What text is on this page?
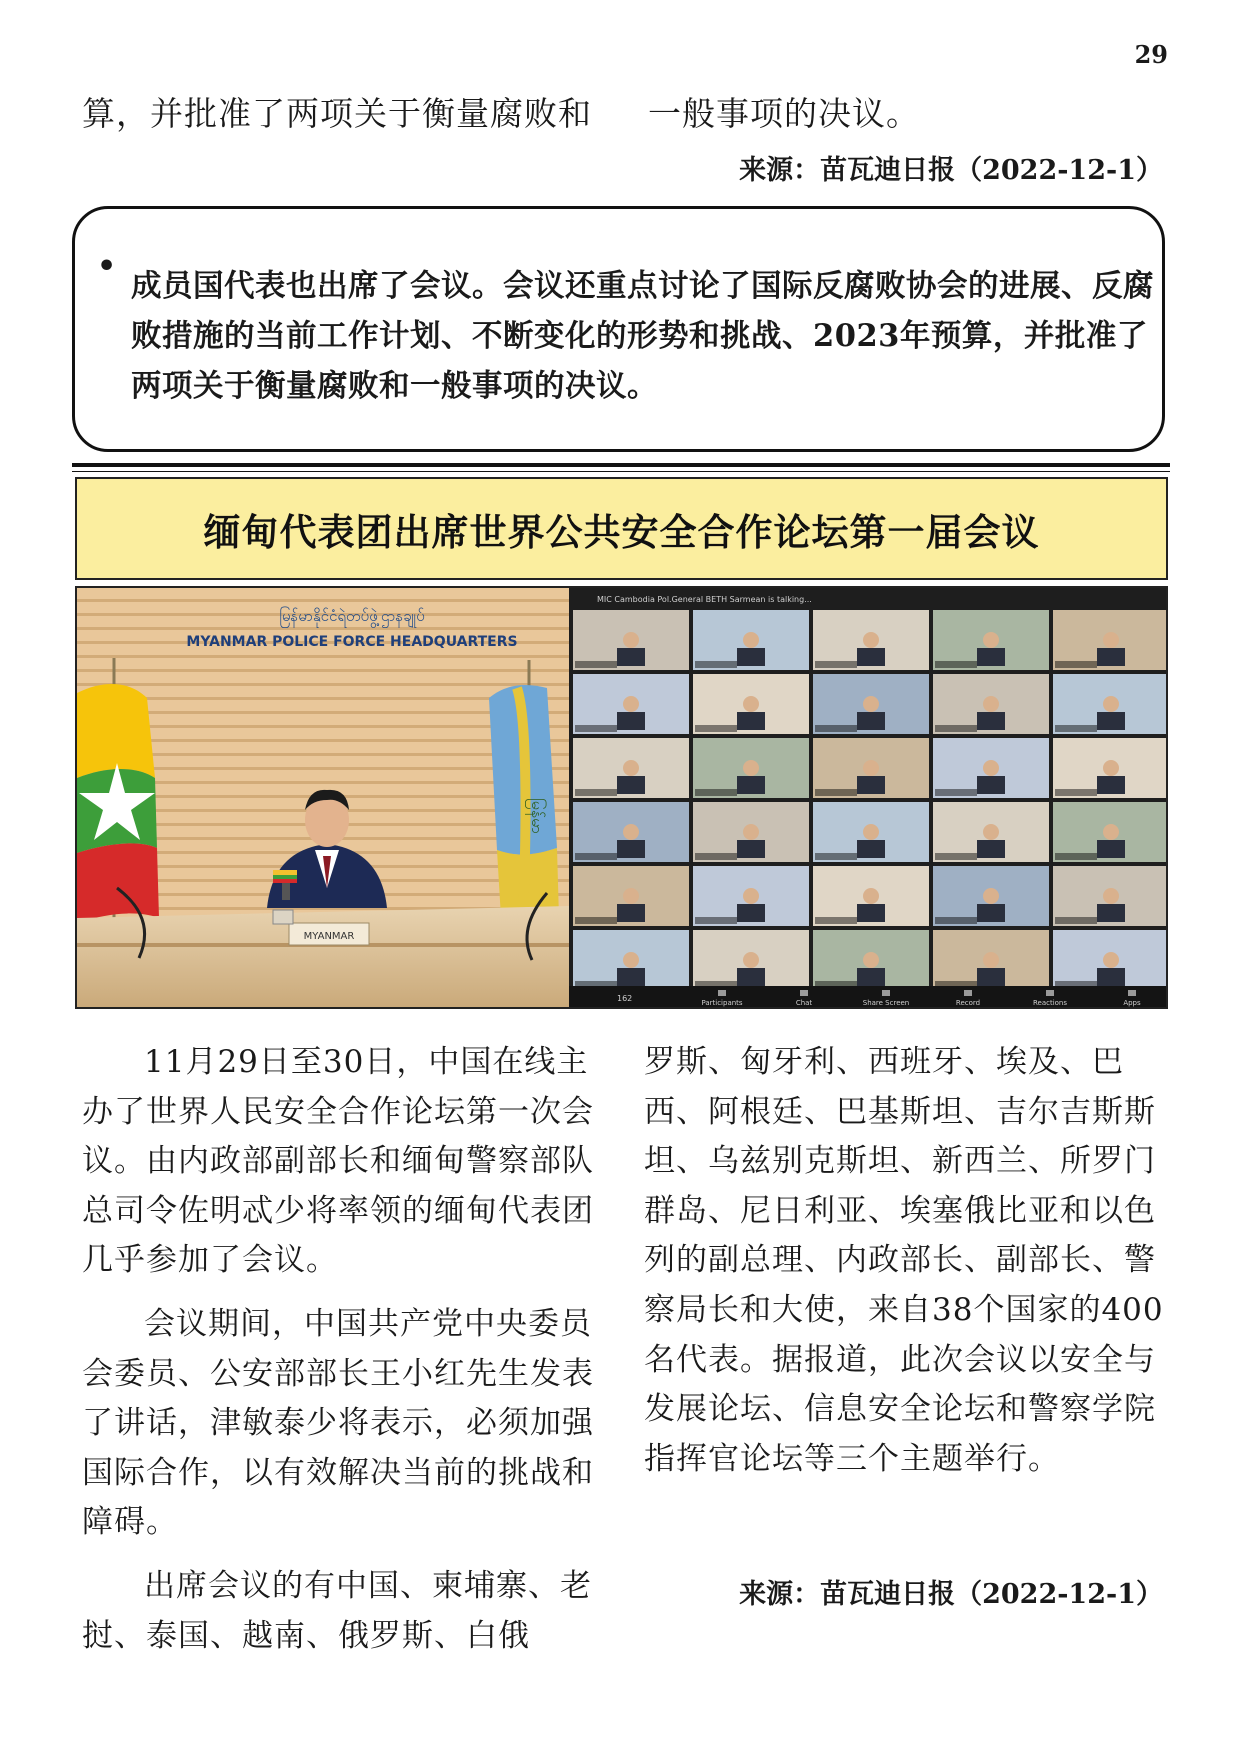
29
算，并批准了两项关于衡量腐败和 一般事项的决议。
来源：苗瓦迪日报（2022-12-1）
•

成员国代表也出席了会议。会议还重点讨论了国际反腐败协会的进展、反腐败措施的当前工作计划、不断变化的形势和挑战、2023年预算，并批准了两项关于衡量腐败和一般事项的决议。

缅甸代表团出席世界公共安全合作论坛第一届会议
မြန်မာနိုင်ငံရဲတပ်ဖွဲ့ဌာနချုပ်
MYANMAR POLICE FORCE HEADQUARTERS
မြန်မာ
MYANMAR
MIC Cambodia Pol.General BETH Sarmean is talking...
162	Participants	Chat	Share Screen	Record	Reactions	Apps

11月29日至30日，中国在线主办了世界人民安全合作论坛第一次会议。由内政部副部长和缅甸警察部队总司令佐明忒少将率领的缅甸代表团几乎参加了会议。

会议期间，中国共产党中央委员会委员、公安部部长王小红先生发表了讲话，津敏泰少将表示，必须加强国际合作，以有效解决当前的挑战和障碍。

出席会议的有中国、柬埔寨、老挝、泰国、越南、俄罗斯、白俄

罗斯、匈牙利、西班牙、埃及、巴西、阿根廷、巴基斯坦、吉尔吉斯斯坦、乌兹别克斯坦、新西兰、所罗门群岛、尼日利亚、埃塞俄比亚和以色列的副总理、内政部长、副部长、警察局长和大使，来自38个国家的400名代表。据报道，此次会议以安全与发展论坛、信息安全论坛和警察学院指挥官论坛等三个主题举行。

来源：苗瓦迪日报（2022-12-1）
